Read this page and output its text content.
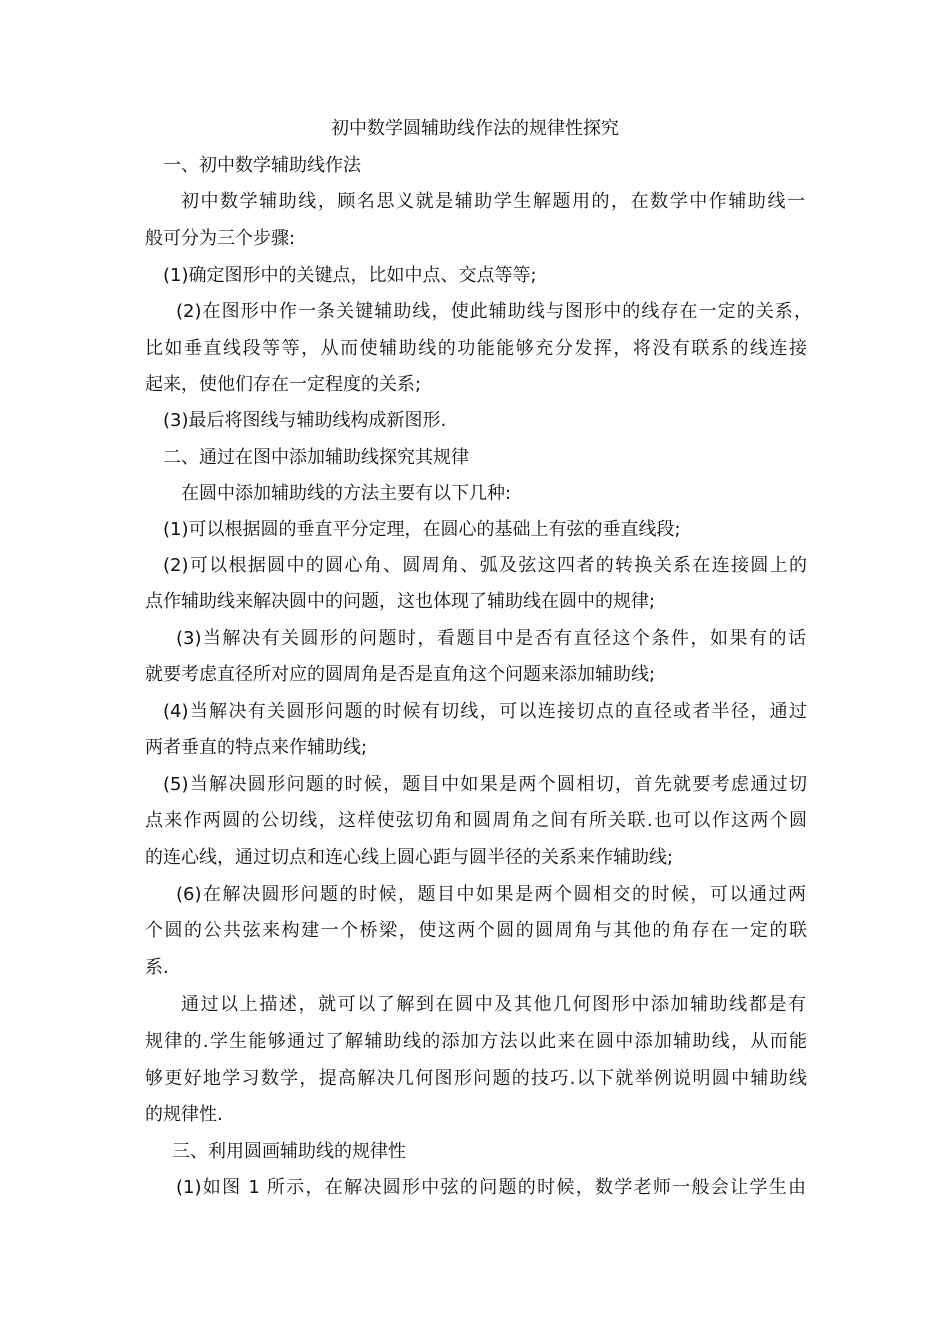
初中数学圆辅助线作法的规律性探究
一、初中数学辅助线作法
初中数学辅助线，顾名思义就是辅助学生解题用的，在数学中作辅助线一
般可分为三个步骤:
(1)确定图形中的关键点，比如中点、交点等等;
(2)在图形中作一条关键辅助线，使此辅助线与图形中的线存在一定的关系，
比如垂直线段等等，从而使辅助线的功能能够充分发挥，将没有联系的线连接
起来，使他们存在一定程度的关系;
(3)最后将图线与辅助线构成新图形.
二、通过在图中添加辅助线探究其规律
在圆中添加辅助线的方法主要有以下几种:
(1)可以根据圆的垂直平分定理，在圆心的基础上有弦的垂直线段;
(2)可以根据圆中的圆心角、圆周角、弧及弦这四者的转换关系在连接圆上的
点作辅助线来解决圆中的问题，这也体现了辅助线在圆中的规律;
(3)当解决有关圆形的问题时，看题目中是否有直径这个条件，如果有的话
就要考虑直径所对应的圆周角是否是直角这个问题来添加辅助线;
(4)当解决有关圆形问题的时候有切线，可以连接切点的直径或者半径，通过
两者垂直的特点来作辅助线;
(5)当解决圆形问题的时候，题目中如果是两个圆相切，首先就要考虑通过切
点来作两圆的公切线，这样使弦切角和圆周角之间有所关联.也可以作这两个圆
的连心线，通过切点和连心线上圆心距与圆半径的关系来作辅助线;
(6)在解决圆形问题的时候，题目中如果是两个圆相交的时候，可以通过两
个圆的公共弦来构建一个桥梁，使这两个圆的圆周角与其他的角存在一定的联
系.
通过以上描述，就可以了解到在圆中及其他几何图形中添加辅助线都是有
规律的.学生能够通过了解辅助线的添加方法以此来在圆中添加辅助线，从而能
够更好地学习数学，提高解决几何图形问题的技巧.以下就举例说明圆中辅助线
的规律性.
三、利用圆画辅助线的规律性
(1)如图 1 所示，在解决圆形中弦的问题的时候，数学老师一般会让学生由
